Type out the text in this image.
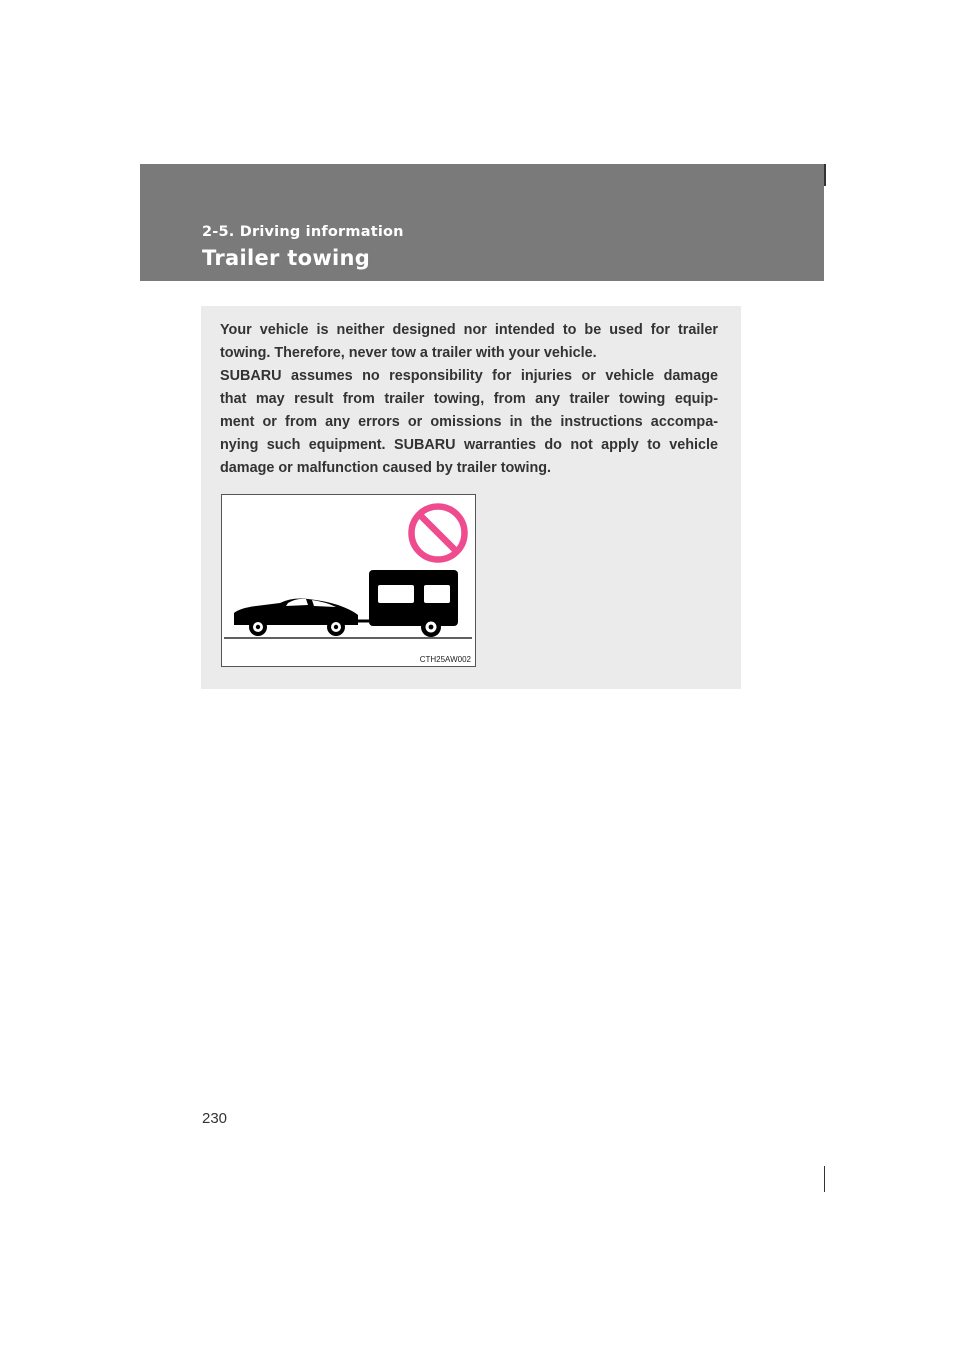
2-5. Driving information
Trailer towing

Your vehicle is neither designed nor intended to be used for trailer

towing. Therefore, never tow a trailer with your vehicle.

SUBARU assumes no responsibility for injuries or vehicle damage

that may result from trailer towing, from any trailer towing equip-

ment or from any errors or omissions in the instructions accompa-

nying such equipment. SUBARU warranties do not apply to vehicle

damage or malfunction caused by trailer towing.

CTH25AW002
230
